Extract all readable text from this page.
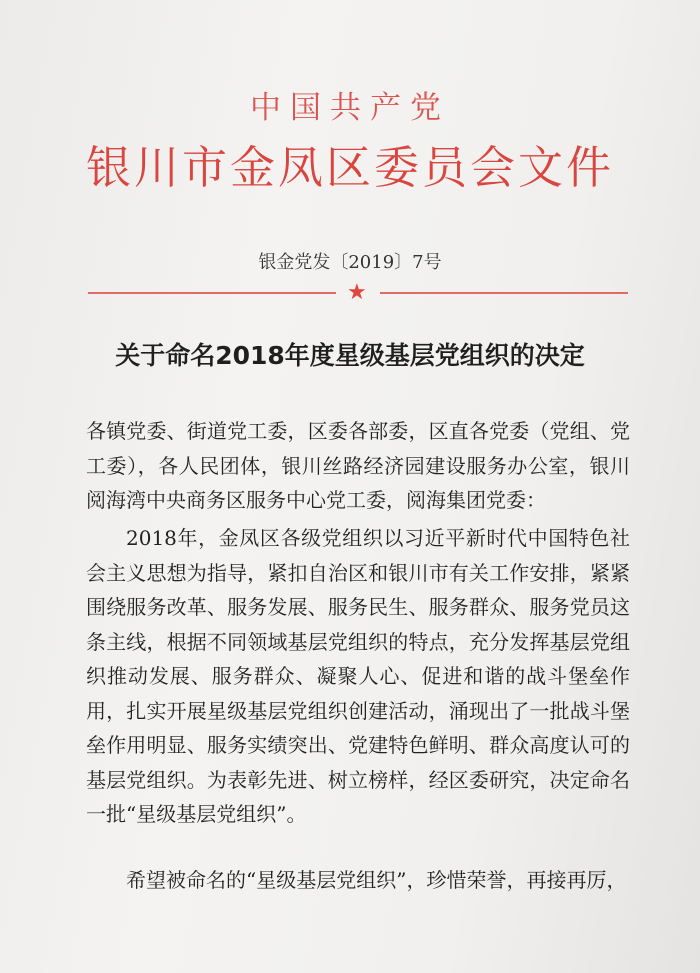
中国共产党
银川市金凤区委员会文件
银金党发〔2019〕7号
★
关于命名2018年度星级基层党组织的决定

各镇党委、街道党工委，区委各部委，区直各党委（党组、党工委），各人民团体，银川丝路经济园建设服务办公室，银川阅海湾中央商务区服务中心党工委，阅海集团党委：

2018年，金凤区各级党组织以习近平新时代中国特色社会主义思想为指导，紧扣自治区和银川市有关工作安排，紧紧围绕服务改革、服务发展、服务民生、服务群众、服务党员这条主线，根据不同领域基层党组织的特点，充分发挥基层党组织推动发展、服务群众、凝聚人心、促进和谐的战斗堡垒作用，扎实开展星级基层党组织创建活动，涌现出了一批战斗堡垒作用明显、服务实绩突出、党建特色鲜明、群众高度认可的基层党组织。为表彰先进、树立榜样，经区委研究，决定命名一批“星级基层党组织”。

希望被命名的“星级基层党组织”，珍惜荣誉，再接再厉，
